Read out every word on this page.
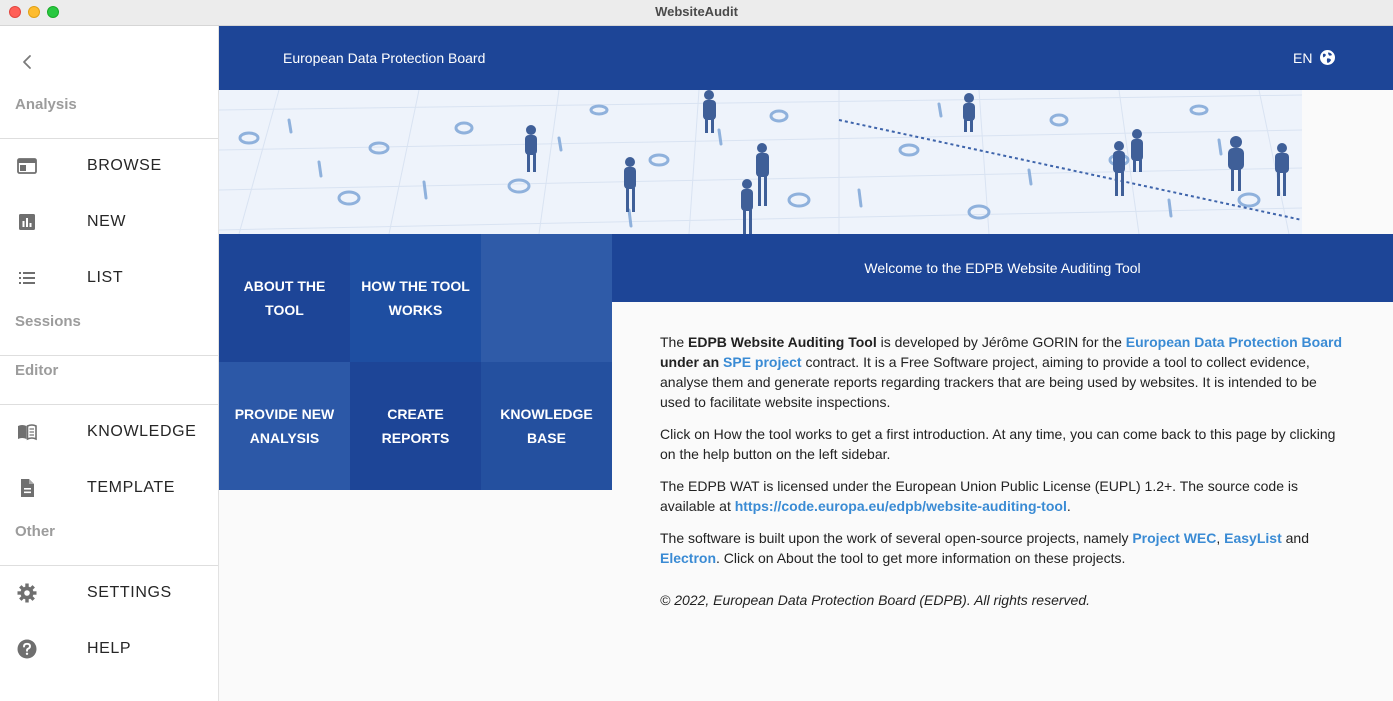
WebsiteAudit
Analysis
BROWSE
NEW
LIST
Sessions
Editor
KNOWLEDGE
TEMPLATE
Other
SETTINGS
HELP
European Data Protection Board	EN
ABOUT THE TOOL
HOW THE TOOL WORKS
PROVIDE NEW ANALYSIS
CREATE REPORTS
KNOWLEDGE BASE
Welcome to the EDPB Website Auditing Tool

The EDPB Website Auditing Tool is developed by Jérôme GORIN for the European Data Protection Board under an SPE project contract. It is a Free Software project, aiming to provide a tool to collect evidence, analyse them and generate reports regarding trackers that are being used by websites. It is intended to be used to facilitate website inspections.

Click on How the tool works to get a first introduction. At any time, you can come back to this page by clicking on the help button on the left sidebar.

The EDPB WAT is licensed under the European Union Public License (EUPL) 1.2+. The source code is available at https://code.europa.eu/edpb/website-auditing-tool.

The software is built upon the work of several open-source projects, namely Project WEC, EasyList and Electron. Click on About the tool to get more information on these projects.

© 2022, European Data Protection Board (EDPB). All rights reserved.
